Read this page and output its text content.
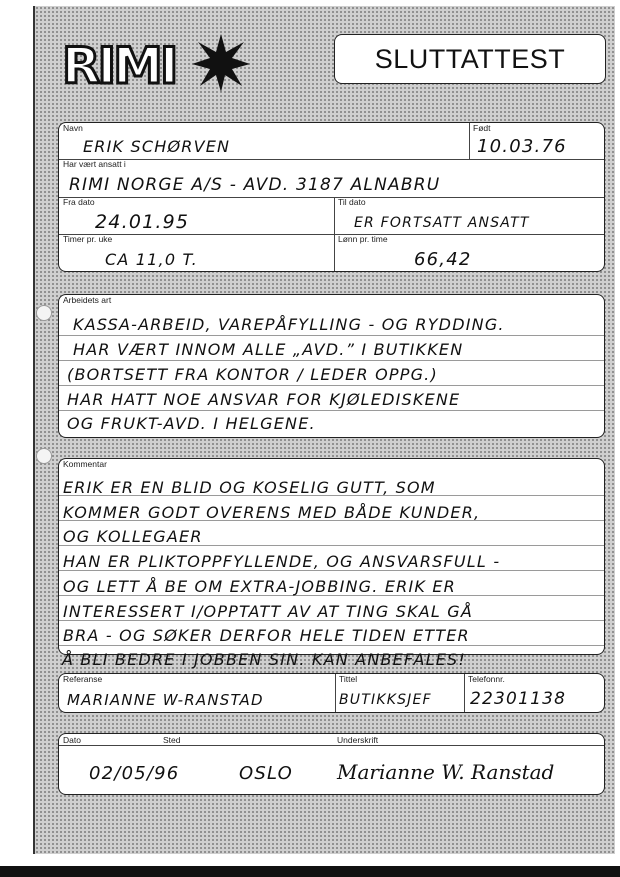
RIMI	SLUTTATTEST
Navn
ERIK SCHØRVEN
Født
10.03.76
Har vært ansatt i
RIMI NORGE A/S - AVD. 3187 ALNABRU
Fra dato
24.01.95
Til dato
ER FORTSATT ANSATT
Timer pr. uke
CA 11,0 T.
Lønn pr. time
66,42
Arbeidets art
KASSA-ARBEID, VAREPÅFYLLING - OG RYDDING.
HAR VÆRT INNOM ALLE „AVD.” I BUTIKKEN
(BORTSETT FRA KONTOR / LEDER OPPG.)
HAR HATT NOE ANSVAR FOR KJØLEDISKENE
OG FRUKT-AVD. I HELGENE.
Kommentar
ERIK ER EN BLID OG KOSELIG GUTT, SOM
KOMMER GODT OVERENS MED BÅDE KUNDER,
OG KOLLEGAER
HAN ER PLIKTOPPFYLLENDE, OG ANSVARSFULL -
OG LETT Å BE OM EXTRA-JOBBING. ERIK ER
INTERESSERT I/OPPTATT AV AT TING SKAL GÅ
BRA - OG SØKER DERFOR HELE TIDEN ETTER
Å BLI BEDRE I JOBBEN SIN. KAN ANBEFALES!
Referanse
MARIANNE W-RANSTAD
Tittel
BUTIKKSJEF
Telefonnr.
22301138
Dato	Sted	Underskrift
02/05/96	OSLO Marianne W. Ranstad
